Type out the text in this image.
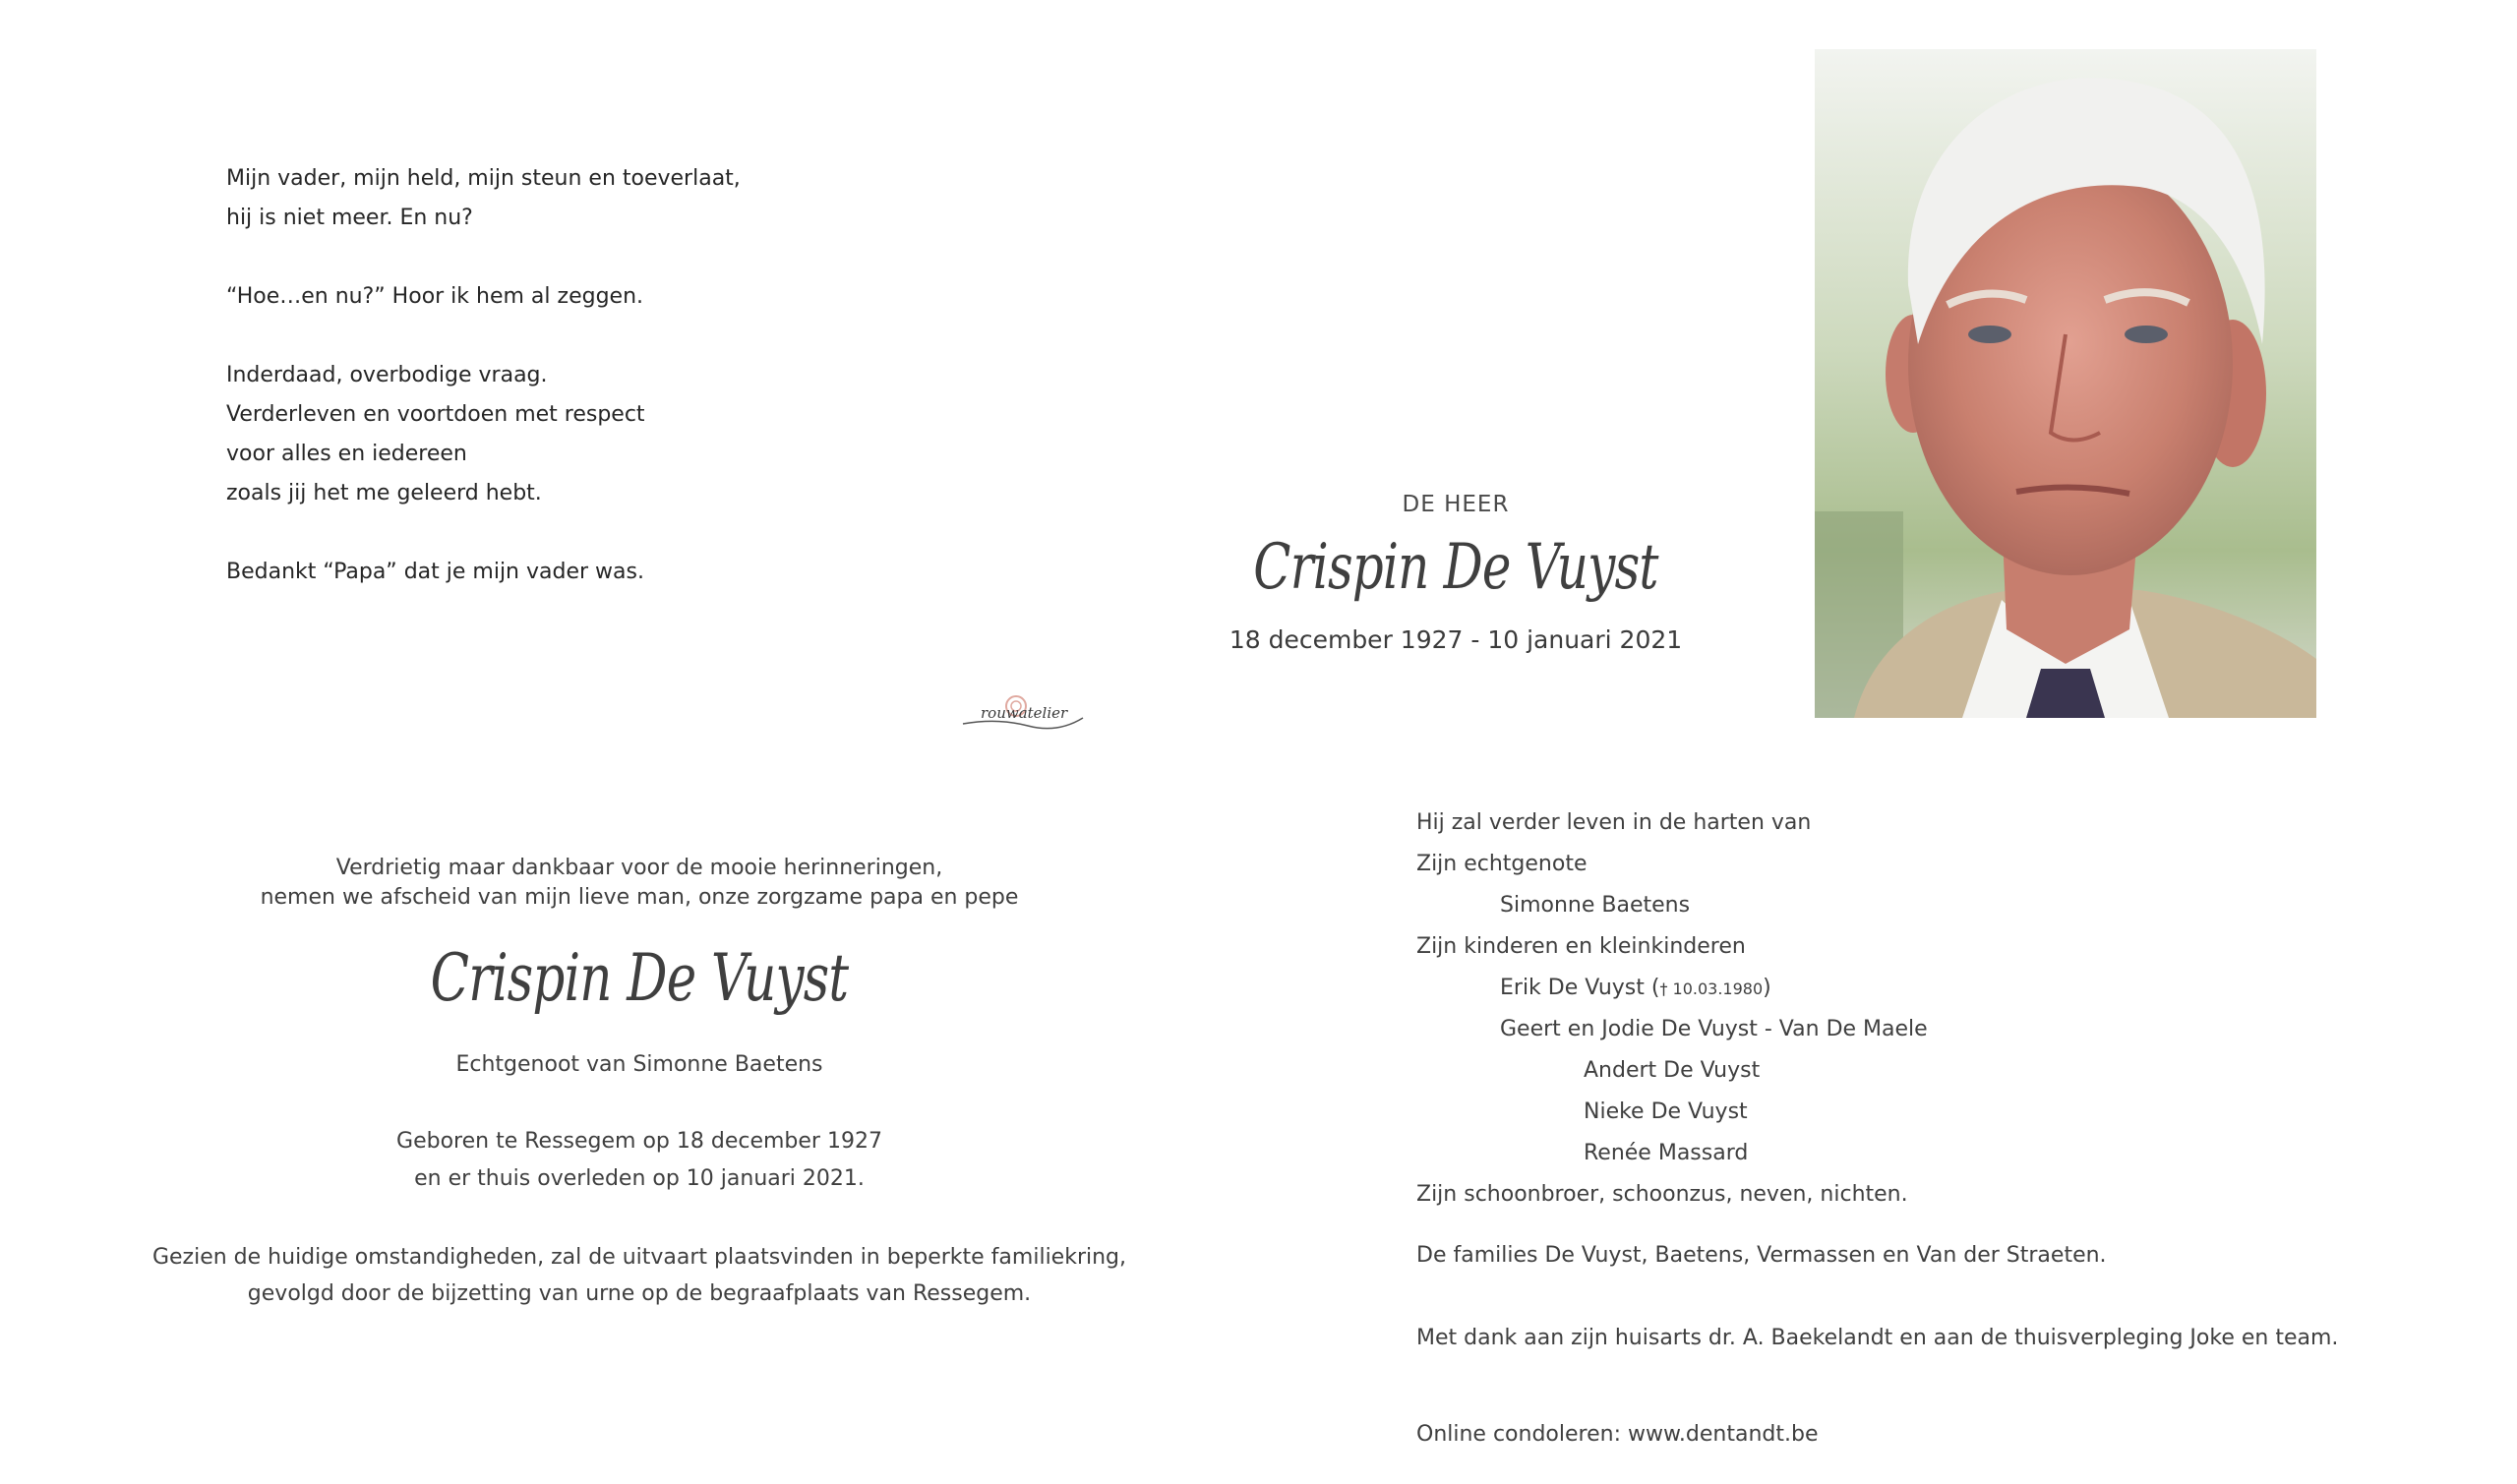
Mijn vader, mijn held, mijn steun en toeverlaat,
hij is niet meer. En nu?

“Hoe…en nu?” Hoor ik hem al zeggen.

Inderdaad, overbodige vraag.
Verderleven en voortdoen met respect
voor alles en iedereen
zoals jij het me geleerd hebt.

Bedankt “Papa” dat je mijn vader was.

DE HEER
Crispin De Vuyst
18 december 1927 - 10 januari 2021
rouwatelier
Verdrietig maar dankbaar voor de mooie herinneringen,
nemen we afscheid van mijn lieve man, onze zorgzame papa en pepe
Crispin De Vuyst
Echtgenoot van Simonne Baetens
Geboren te Ressegem op 18 december 1927
en er thuis overleden op 10 januari 2021.
Gezien de huidige omstandigheden, zal de uitvaart plaatsvinden in beperkte familiekring,
gevolgd door de bijzetting van urne op de begraafplaats van Ressegem.
Hij zal verder leven in de harten van
Zijn echtgenote
Simonne Baetens
Zijn kinderen en kleinkinderen
Erik De Vuyst († 10.03.1980)
Geert en Jodie De Vuyst - Van De Maele
Andert De Vuyst
Nieke De Vuyst
Renée Massard
Zijn schoonbroer, schoonzus, neven, nichten.
De families De Vuyst, Baetens, Vermassen en Van der Straeten.
Met dank aan zijn huisarts dr. A. Baekelandt en aan de thuisverpleging Joke en team.
Online condoleren: www.dentandt.be
